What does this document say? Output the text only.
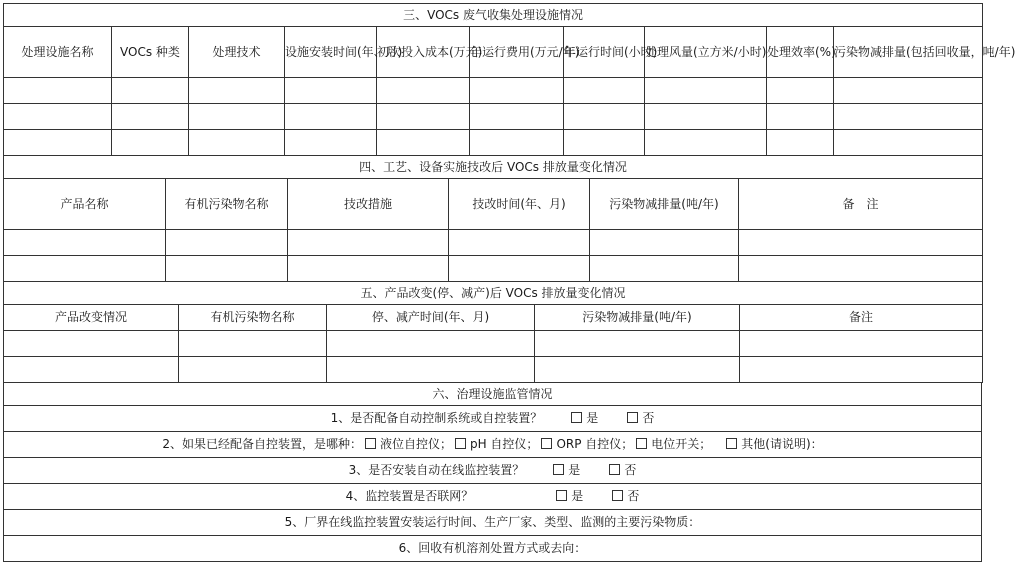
三、VOCs 废气收集处理设施情况									
处理设施名称	VOCs 种类	处理技术	设施安装时间(年、月)	初次投入成本(万元)	年运行费用(万元/年)	年运行时间(小时)	处理风量(立方米/小时)	处理效率(%)	污染物减排量(包括回收量，吨/年)

四、工艺、设备实施技改后 VOCs 排放量变化情况					
产品名称	有机污染物名称	技改措施	技改时间(年、月)	污染物减排量(吨/年)	备　注

五、产品改变(停、减产)后 VOCs 排放量变化情况				
产品改变情况	有机污染物名称	停、减产时间(年、月)	污染物减排量(吨/年)	备注

六、治理设施监管情况
1、是否配备自动控制系统或自控装置？	是	否
2、如果已经配备自控装置，是哪种： 液位自控仪； pH 自控仪； ORP 自控仪； 电位开关；	其他(请说明)：
3、是否安装自动在线监控装置？	是	否
4、监控装置是否联网？	是	否
5、厂界在线监控装置安装运行时间、生产厂家、类型、监测的主要污染物质：
6、回收有机溶剂处置方式或去向：
